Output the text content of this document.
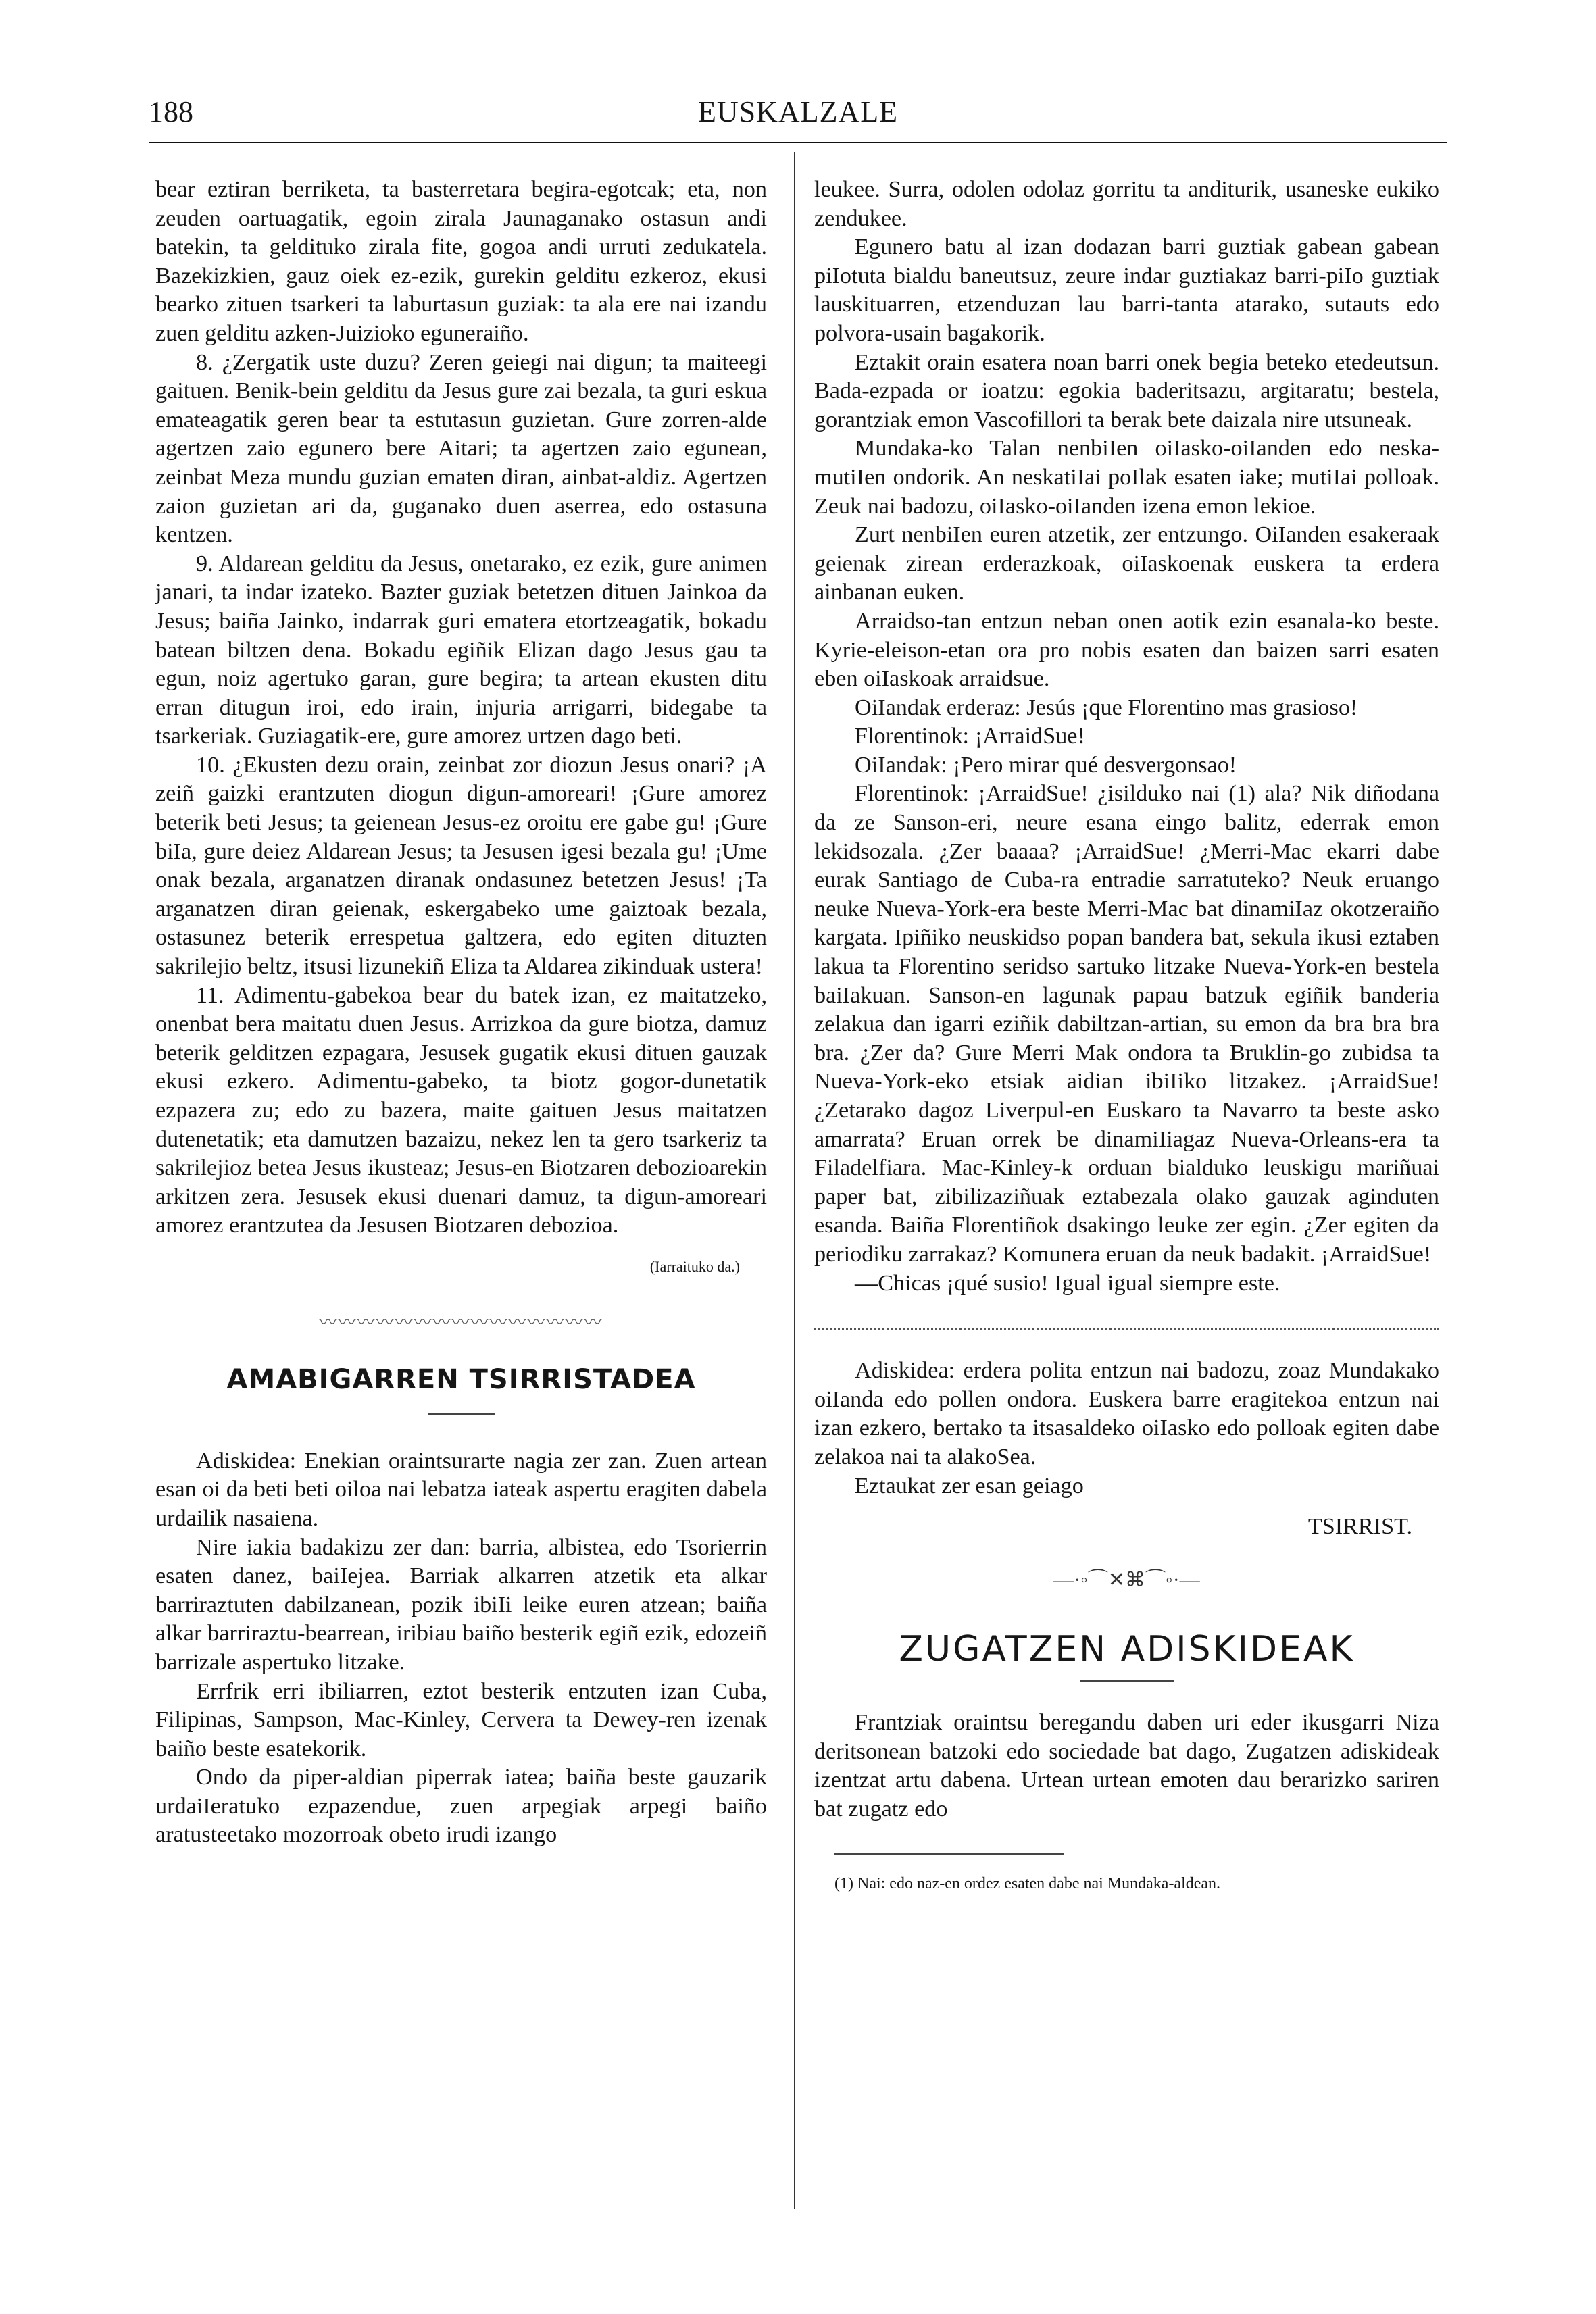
188	EUSKALZALE

bear eztiran berriketa, ta basterretara begira-egotcak; eta, non zeuden oartuagatik, egoin zirala Jaunaganako ostasun andi batekin, ta geldituko zirala fite, gogoa andi urruti zedukatela. Bazekizkien, gauz oiek ez-ezik, gurekin gelditu ezkeroz, ekusi bearko zituen tsarkeri ta laburtasun guziak: ta ala ere nai izandu zuen gelditu azken-Juizioko eguneraiño.

8. ¿Zergatik uste duzu? Zeren geiegi nai digun; ta maiteegi gaituen. Benik-bein gelditu da Jesus gure zai bezala, ta guri eskua emateagatik geren bear ta estutasun guzietan. Gure zorren-alde agertzen zaio egunero bere Aitari; ta agertzen zaio egunean, zeinbat Meza mundu guzian ematen diran, ainbat-aldiz. Agertzen zaion guzietan ari da, guganako duen aserrea, edo ostasuna kentzen.

9. Aldarean gelditu da Jesus, onetarako, ez ezik, gure animen janari, ta indar izateko. Bazter guziak betetzen dituen Jainkoa da Jesus; baiña Jainko, indarrak guri ematera etortzeagatik, bokadu batean biltzen dena. Bokadu egiñik Elizan dago Jesus gau ta egun, noiz agertuko garan, gure begira; ta artean ekusten ditu erran ditugun iroi, edo irain, injuria arrigarri, bidegabe ta tsarkeriak. Guziagatik-ere, gure amorez urtzen dago beti.

10. ¿Ekusten dezu orain, zeinbat zor diozun Jesus onari? ¡A zeiñ gaizki erantzuten diogun digun-amoreari! ¡Gure amorez beterik beti Jesus; ta geienean Jesus-ez oroitu ere gabe gu! ¡Gure biIa, gure deiez Aldarean Jesus; ta Jesusen igesi bezala gu! ¡Ume onak bezala, arganatzen diranak ondasunez betetzen Jesus! ¡Ta arganatzen diran geienak, eskergabeko ume gaiztoak bezala, ostasunez beterik errespetua galtzera, edo egiten dituzten sakrilejio beltz, itsusi lizunekiñ Eliza ta Aldarea zikinduak ustera!

11. Adimentu-gabekoa bear du batek izan, ez maitatzeko, onenbat bera maitatu duen Jesus. Arrizkoa da gure biotza, damuz beterik gelditzen ezpagara, Jesusek gugatik ekusi dituen gauzak ekusi ezkero. Adimentu-gabeko, ta biotz gogor-dunetatik ezpazera zu; edo zu bazera, maite gaituen Jesus maitatzen dutenetatik; eta damutzen bazaizu, nekez len ta gero tsarkeriz ta sakrilejioz betea Jesus ikusteaz; Jesus-en Biotzaren debozioarekin arkitzen zera. Jesusek ekusi duenari damuz, ta digun-amoreari amorez erantzutea da Jesusen Biotzaren debozioa.

(Iarraituko da.)
〰〰〰〰〰〰〰〰〰〰〰〰〰〰〰
AMABIGARREN TSIRRISTADEA

Adiskidea: Enekian oraintsurarte nagia zer zan. Zuen artean esan oi da beti beti oiloa nai lebatza iateak aspertu eragiten dabela urdailik nasaiena.

Nire iakia badakizu zer dan: barria, albistea, edo Tsorierrin esaten danez, baiIejea. Barriak alkarren atzetik eta alkar barriraztuten dabilzanean, pozik ibiIi leike euren atzean; baiña alkar barriraztu-bearrean, iribiau baiño besterik egiñ ezik, edozeiñ barrizale aspertuko litzake.

Errfrik erri ibiliarren, eztot besterik entzuten izan Cuba, Filipinas, Sampson, Mac-Kinley, Cervera ta Dewey-ren izenak baiño beste esatekorik.

Ondo da piper-aldian piperrak iatea; baiña beste gauzarik urdaiIeratuko ezpazendue, zuen arpegiak arpegi baiño aratusteetako mozorroak obeto irudi izango

leukee. Surra, odolen odolaz gorritu ta anditurik, usaneske eukiko zendukee.

Egunero batu al izan dodazan barri guztiak gabean gabean piIotuta bialdu baneutsuz, zeure indar guztiakaz barri-piIo guztiak lauskituarren, etzenduzan lau barri-tanta atarako, sutauts edo polvora-usain bagakorik.

Eztakit orain esatera noan barri onek begia beteko etedeutsun. Bada-ezpada or ioatzu: egokia baderitsazu, argitaratu; bestela, gorantziak emon Vascofillori ta berak bete daizala nire utsuneak.

Mundaka-ko Talan nenbiIen oiIasko-oiIanden edo neska-mutiIen ondorik. An neskatiIai poIlak esaten iake; mutiIai polloak. Zeuk nai badozu, oiIasko-oiIanden izena emon lekioe.

Zurt nenbiIen euren atzetik, zer entzungo. OiIanden esakeraak geienak zirean erderazkoak, oiIaskoenak euskera ta erdera ainbanan euken.

Arraidso-tan entzun neban onen aotik ezin esanala-ko beste. Kyrie-eleison-etan ora pro nobis esaten dan baizen sarri esaten eben oiIaskoak arraidsue.

OiIandak erderaz: Jesús ¡que Florentino mas grasioso!

Florentinok: ¡ArraidSue!

OiIandak: ¡Pero mirar qué desvergonsao!

Florentinok: ¡ArraidSue! ¿isilduko nai (1) ala? Nik diñodana da ze Sanson-eri, neure esana eingo balitz, ederrak emon lekidsozala. ¿Zer baaaa? ¡ArraidSue! ¿Merri-Mac ekarri dabe eurak Santiago de Cuba-ra entradie sarratuteko? Neuk eruango neuke Nueva-York-era beste Merri-Mac bat dinamiIaz okotzeraiño kargata. Ipiñiko neuskidso popan bandera bat, sekula ikusi eztaben lakua ta Florentino seridso sartuko litzake Nueva-York-en bestela baiIakuan. Sanson-en lagunak papau batzuk egiñik banderia zelakua dan igarri eziñik dabiltzan-artian, su emon da bra bra bra bra. ¿Zer da? Gure Merri Mak ondora ta Bruklin-go zubidsa ta Nueva-York-eko etsiak aidian ibiIiko litzakez. ¡ArraidSue! ¿Zetarako dagoz Liverpul-en Euskaro ta Navarro ta beste asko amarrata? Eruan orrek be dinamiIiagaz Nueva-Orleans-era ta Filadelfiara. Mac-Kinley-k orduan bialduko leuskigu mariñuai paper bat, zibilizaziñuak eztabezala olako gauzak aginduten esanda. Baiña Florentiñok dsakingo leuke zer egin. ¿Zer egiten da periodiku zarrakaz? Komunera eruan da neuk badakit. ¡ArraidSue!

—Chicas ¡qué susio! Igual igual siempre este.

Adiskidea: erdera polita entzun nai badozu, zoaz Mundakako oiIanda edo pollen ondora. Euskera barre eragitekoa entzun nai izan ezkero, bertako ta itsasaldeko oiIasko edo polloak egiten dabe zelakoa nai ta alakoSea.

Eztaukat zer esan geiago

TSIRRIST.
—·◦⌒✕⌘⌒◦·—
ZUGATZEN ADISKIDEAK

Frantziak oraintsu beregandu daben uri eder ikusgarri Niza deritsonean batzoki edo sociedade bat dago, Zugatzen adiskideak izentzat artu dabena. Urtean urtean emoten dau berarizko sariren bat zugatz edo

(1) Nai: edo naz-en ordez esaten dabe nai Mundaka-aldean.
